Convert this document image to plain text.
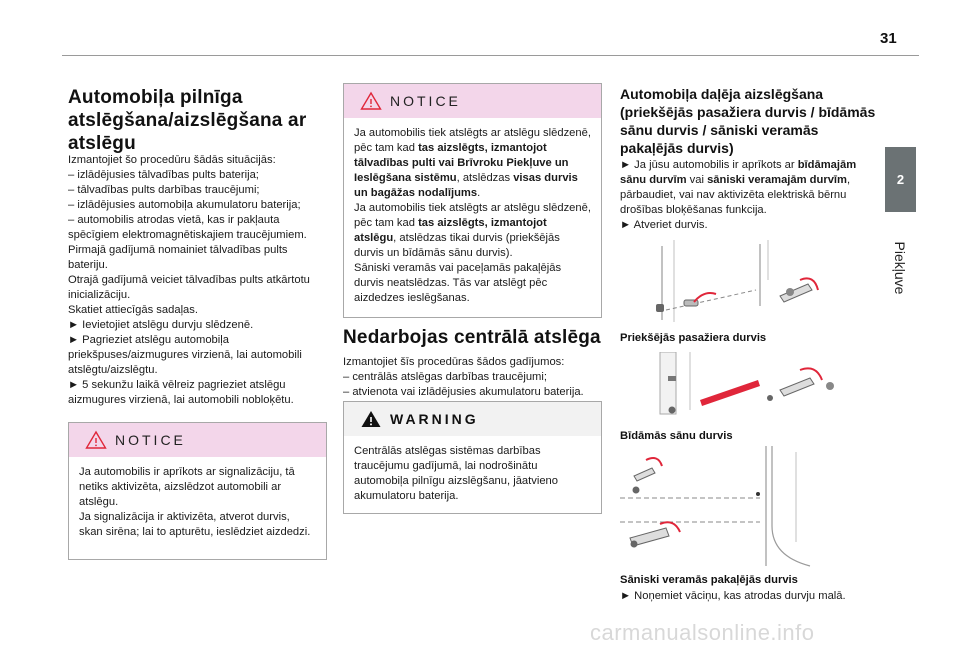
31
2
Piekļuve
Automobiļa pilnīga atslēgšana/aizslēgšana ar atslēgu

Izmantojiet šo procedūru šādās situācijās:

– izlādējusies tālvadības pults baterija;

– tālvadības pults darbības traucējumi;

– izlādējusies automobiļa akumulatoru baterija;

– automobilis atrodas vietā, kas ir pakļauta spēcīgiem elektromagnētiskajiem traucējumiem.

Pirmajā gadījumā nomainiet tālvadības pults bateriju.

Otrajā gadījumā veiciet tālvadības pults atkārtotu inicializāciju.

Skatiet attiecīgās sadaļas.

► Ievietojiet atslēgu durvju slēdzenē.

► Pagrieziet atslēgu automobiļa priekšpuses/aizmugures virzienā, lai automobili atslēgtu/aizslēgtu.

► 5 sekunžu laikā vēlreiz pagrieziet atslēgu aizmugures virzienā, lai automobili nobloķētu.

NOTICE

Ja automobilis ir aprīkots ar signalizāciju, tā netiks aktivizēta, aizslēdzot automobili ar atslēgu.

Ja signalizācija ir aktivizēta, atverot durvis, skan sirēna; lai to apturētu, ieslēdziet aizdedzi.

NOTICE

Ja automobilis tiek atslēgts ar atslēgu slēdzenē, pēc tam kad tas aizslēgts, izmantojot tālvadības pulti vai Brīvroku Piekļuve un Ieslēgšana sistēmu, atslēdzas visas durvis un bagāžas nodalījums.

Ja automobilis tiek atslēgts ar atslēgu slēdzenē, pēc tam kad tas aizslēgts, izmantojot atslēgu, atslēdzas tikai durvis (priekšējās durvis un bīdāmās sānu durvis).

Sāniski veramās vai paceļamās pakaļējās durvis neatslēdzas. Tās var atslēgt pēc aizdedzes ieslēgšanas.

Nedarbojas centrālā atslēga

Izmantojiet šīs procedūras šādos gadījumos:

– centrālās atslēgas darbības traucējumi;

– atvienota vai izlādējusies akumulatoru baterija.

WARNING

Centrālās atslēgas sistēmas darbības traucējumu gadījumā, lai nodrošinātu automobiļa pilnīgu aizslēgšanu, jāatvieno akumulatoru baterija.

Automobiļa daļēja aizslēgšana (priekšējās pasažiera durvis / bīdāmās sānu durvis / sāniski veramās pakaļējās durvis)

► Ja jūsu automobilis ir aprīkots ar bīdāmajām sānu durvīm vai sāniski veramajām durvīm, pārbaudiet, vai nav aktivizēta elektriskā bērnu drošības bloķēšanas funkcija.

► Atveriet durvis.

Priekšējās pasažiera durvis
Bīdāmās sānu durvis
Sāniski veramās pakaļējās durvis
► Noņemiet vāciņu, kas atrodas durvju malā.
carmanualsonline.info
